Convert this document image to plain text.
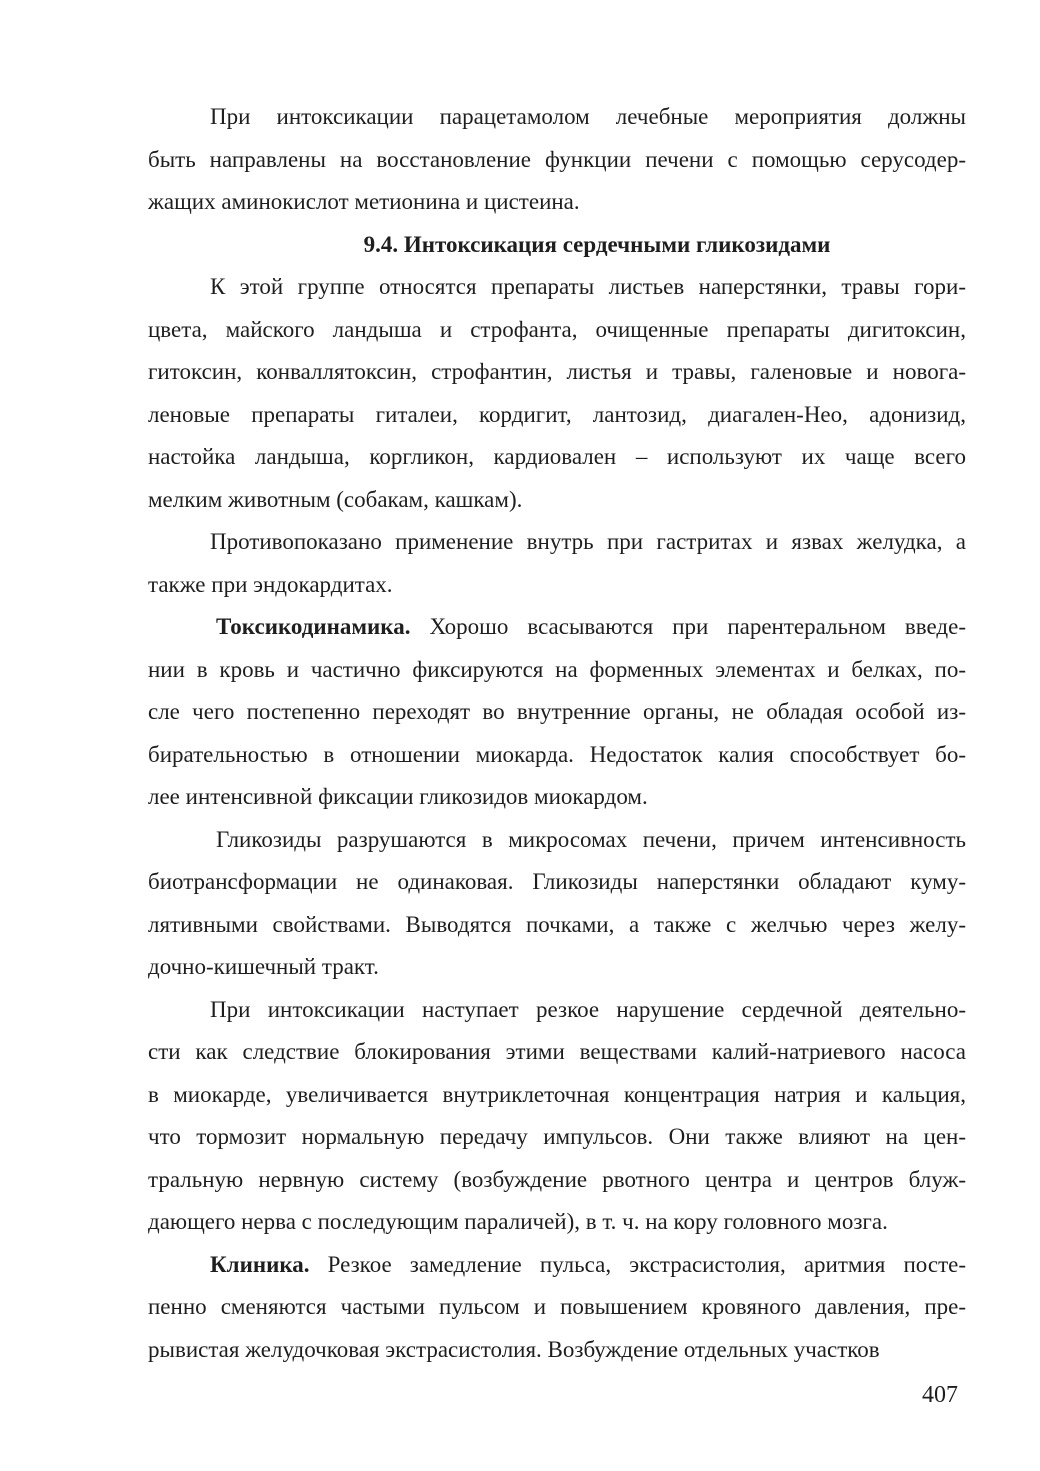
При интоксикации парацетамолом лечебные мероприятия должны
быть направлены на восстановление функции печени с помощью серусодер-
жащих аминокислот метионина и цистеина.
9.4. Интоксикация сердечными гликозидами
К этой группе относятся препараты листьев наперстянки, травы гори-
цвета, майского ландыша и строфанта, очищенные препараты дигитоксин,
гитоксин, конваллятоксин, строфантин, листья и травы, галеновые и новога-
леновые препараты гиталеи, кордигит, лантозид, диагален-Нео, адонизид,
настойка ландыша, коргликон, кардиовален – используют их чаще всего
мелким животным (собакам, кашкам).
Противопоказано применение внутрь при гастритах и язвах желудка, а
также при эндокардитах.
Токсикодинамика. Хорошо всасываются при парентеральном введе-
нии в кровь и частично фиксируются на форменных элементах и белках, по-
сле чего постепенно переходят во внутренние органы, не обладая особой из-
бирательностью в отношении миокарда. Недостаток калия способствует бо-
лее интенсивной фиксации гликозидов миокардом.
Гликозиды разрушаются в микросомах печени, причем интенсивность
биотрансформации не одинаковая. Гликозиды наперстянки обладают куму-
лятивными свойствами. Выводятся почками, а также с желчью через желу-
дочно-кишечный тракт.
При интоксикации наступает резкое нарушение сердечной деятельно-
сти как следствие блокирования этими веществами калий-натриевого насоса
в миокарде, увеличивается внутриклеточная концентрация натрия и кальция,
что тормозит нормальную передачу импульсов. Они также влияют на цен-
тральную нервную систему (возбуждение рвотного центра и центров блуж-
дающего нерва с последующим параличей), в т. ч. на кору головного мозга.
Клиника. Резкое замедление пульса, экстрасистолия, аритмия посте-
пенно сменяются частыми пульсом и повышением кровяного давления, пре-
рывистая желудочковая экстрасистолия. Возбуждение отдельных участков
407
